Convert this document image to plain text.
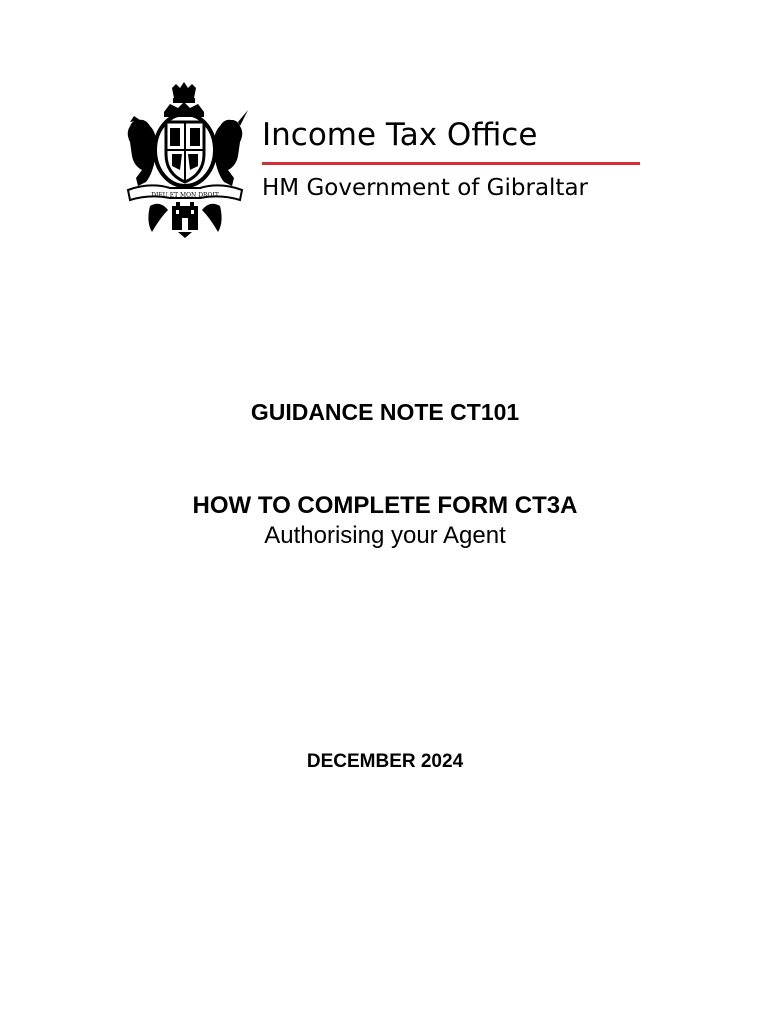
DIEU ET MON DROIT
Income Tax Office
HM Government of Gibraltar
GUIDANCE NOTE CT101
HOW TO COMPLETE FORM CT3A
Authorising your Agent
DECEMBER 2024
